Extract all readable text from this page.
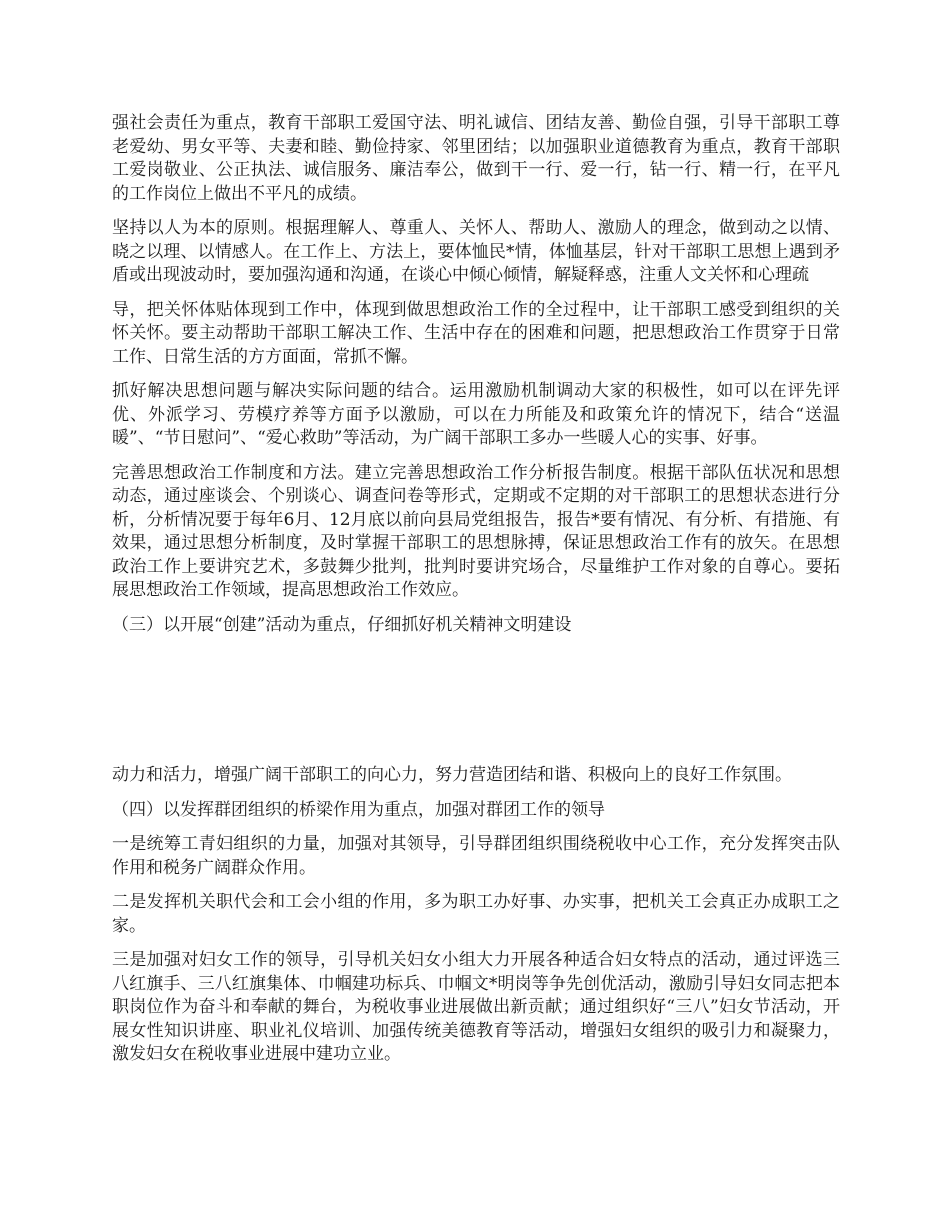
强社会责任为重点，教育干部职工爱国守法、明礼诚信、团结友善、勤俭自强，引导干部职工尊老爱幼、男女平等、夫妻和睦、勤俭持家、邻里团结；以加强职业道德教育为重点，教育干部职工爱岗敬业、公正执法、诚信服务、廉洁奉公，做到干一行、爱一行，钻一行、精一行，在平凡的工作岗位上做出不平凡的成绩。

坚持以人为本的原则。根据理解人、尊重人、关怀人、帮助人、激励人的理念，做到动之以情、晓之以理、以情感人。在工作上、方法上，要体恤民*情，体恤基层，针对干部职工思想上遇到矛盾或出现波动时，要加强沟通和沟通，在谈心中倾心倾情，解疑释惑，注重人文关怀和心理疏

导，把关怀体贴体现到工作中，体现到做思想政治工作的全过程中，让干部职工感受到组织的关怀关怀。要主动帮助干部职工解决工作、生活中存在的困难和问题，把思想政治工作贯穿于日常工作、日常生活的方方面面，常抓不懈。

抓好解决思想问题与解决实际问题的结合。运用激励机制调动大家的积极性，如可以在评先评优、外派学习、劳模疗养等方面予以激励，可以在力所能及和政策允许的情况下，结合“送温暖”、“节日慰问”、“爱心救助”等活动，为广阔干部职工多办一些暖人心的实事、好事。

完善思想政治工作制度和方法。建立完善思想政治工作分析报告制度。根据干部队伍状况和思想动态，通过座谈会、个别谈心、调查问卷等形式，定期或不定期的对干部职工的思想状态进行分析，分析情况要于每年6月、12月底以前向县局党组报告，报告*要有情况、有分析、有措施、有效果，通过思想分析制度，及时掌握干部职工的思想脉搏，保证思想政治工作有的放矢。在思想政治工作上要讲究艺术，多鼓舞少批判，批判时要讲究场合，尽量维护工作对象的自尊心。要拓展思想政治工作领域，提高思想政治工作效应。

（三）以开展“创建”活动为重点，仔细抓好机关精神文明建设

动力和活力，增强广阔干部职工的向心力，努力营造团结和谐、积极向上的良好工作氛围。

（四）以发挥群团组织的桥梁作用为重点，加强对群团工作的领导

一是统筹工青妇组织的力量，加强对其领导，引导群团组织围绕税收中心工作，充分发挥突击队作用和税务广阔群众作用。

二是发挥机关职代会和工会小组的作用，多为职工办好事、办实事，把机关工会真正办成职工之家。

三是加强对妇女工作的领导，引导机关妇女小组大力开展各种适合妇女特点的活动，通过评选三八红旗手、三八红旗集体、巾帼建功标兵、巾帼文*明岗等争先创优活动，激励引导妇女同志把本职岗位作为奋斗和奉献的舞台，为税收事业进展做出新贡献；通过组织好“三八”妇女节活动，开展女性知识讲座、职业礼仪培训、加强传统美德教育等活动，增强妇女组织的吸引力和凝聚力，激发妇女在税收事业进展中建功立业。
